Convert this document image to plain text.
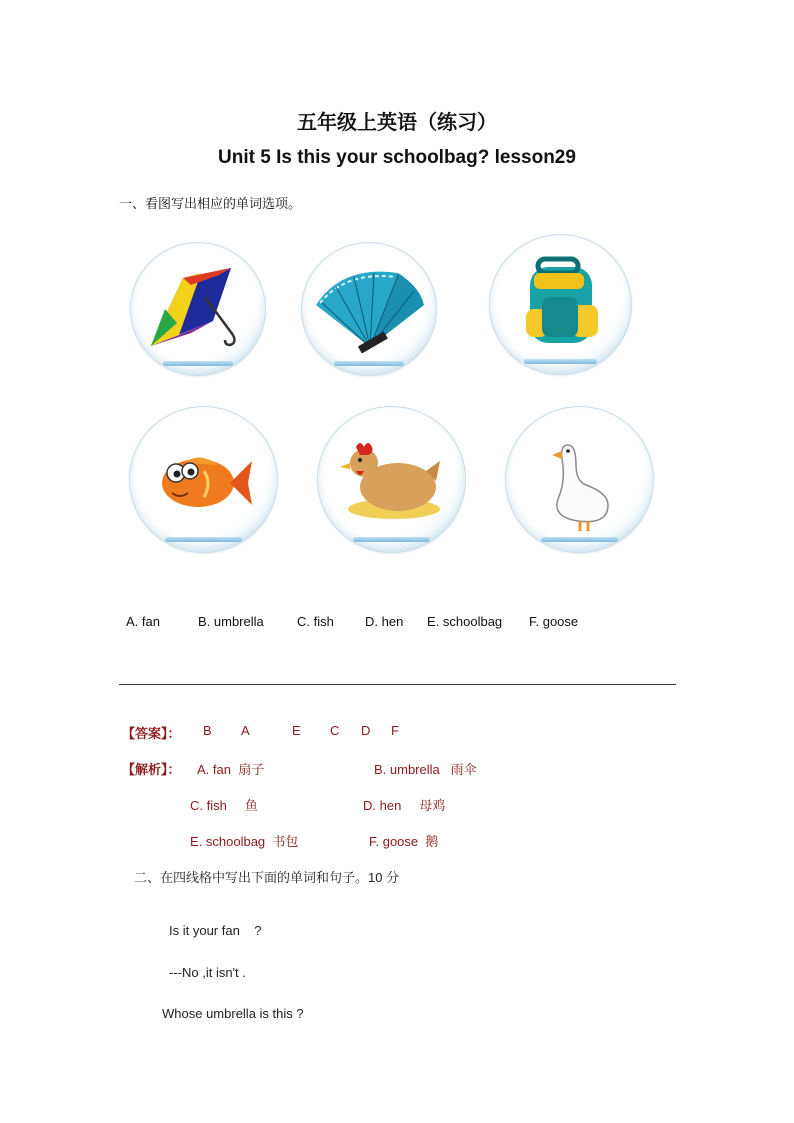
五年级上英语（练习）
Unit 5 Is this your schoolbag? lesson29
一、看图写出相应的单词选项。
A. fan	B. umbrella	C. fish D. hen E. schoolbag F. goose
【答案】： B A	E C D F
【解析】： A. fan  扇子	B. umbrella   雨伞
C. fish     鱼	D. hen     母鸡
E. schoolbag  书包	F. goose  鹅
二、在四线格中写出下面的单词和句子。10 分
Is it your fan    ?
---No ,it isn't .
Whose umbrella is this ?
